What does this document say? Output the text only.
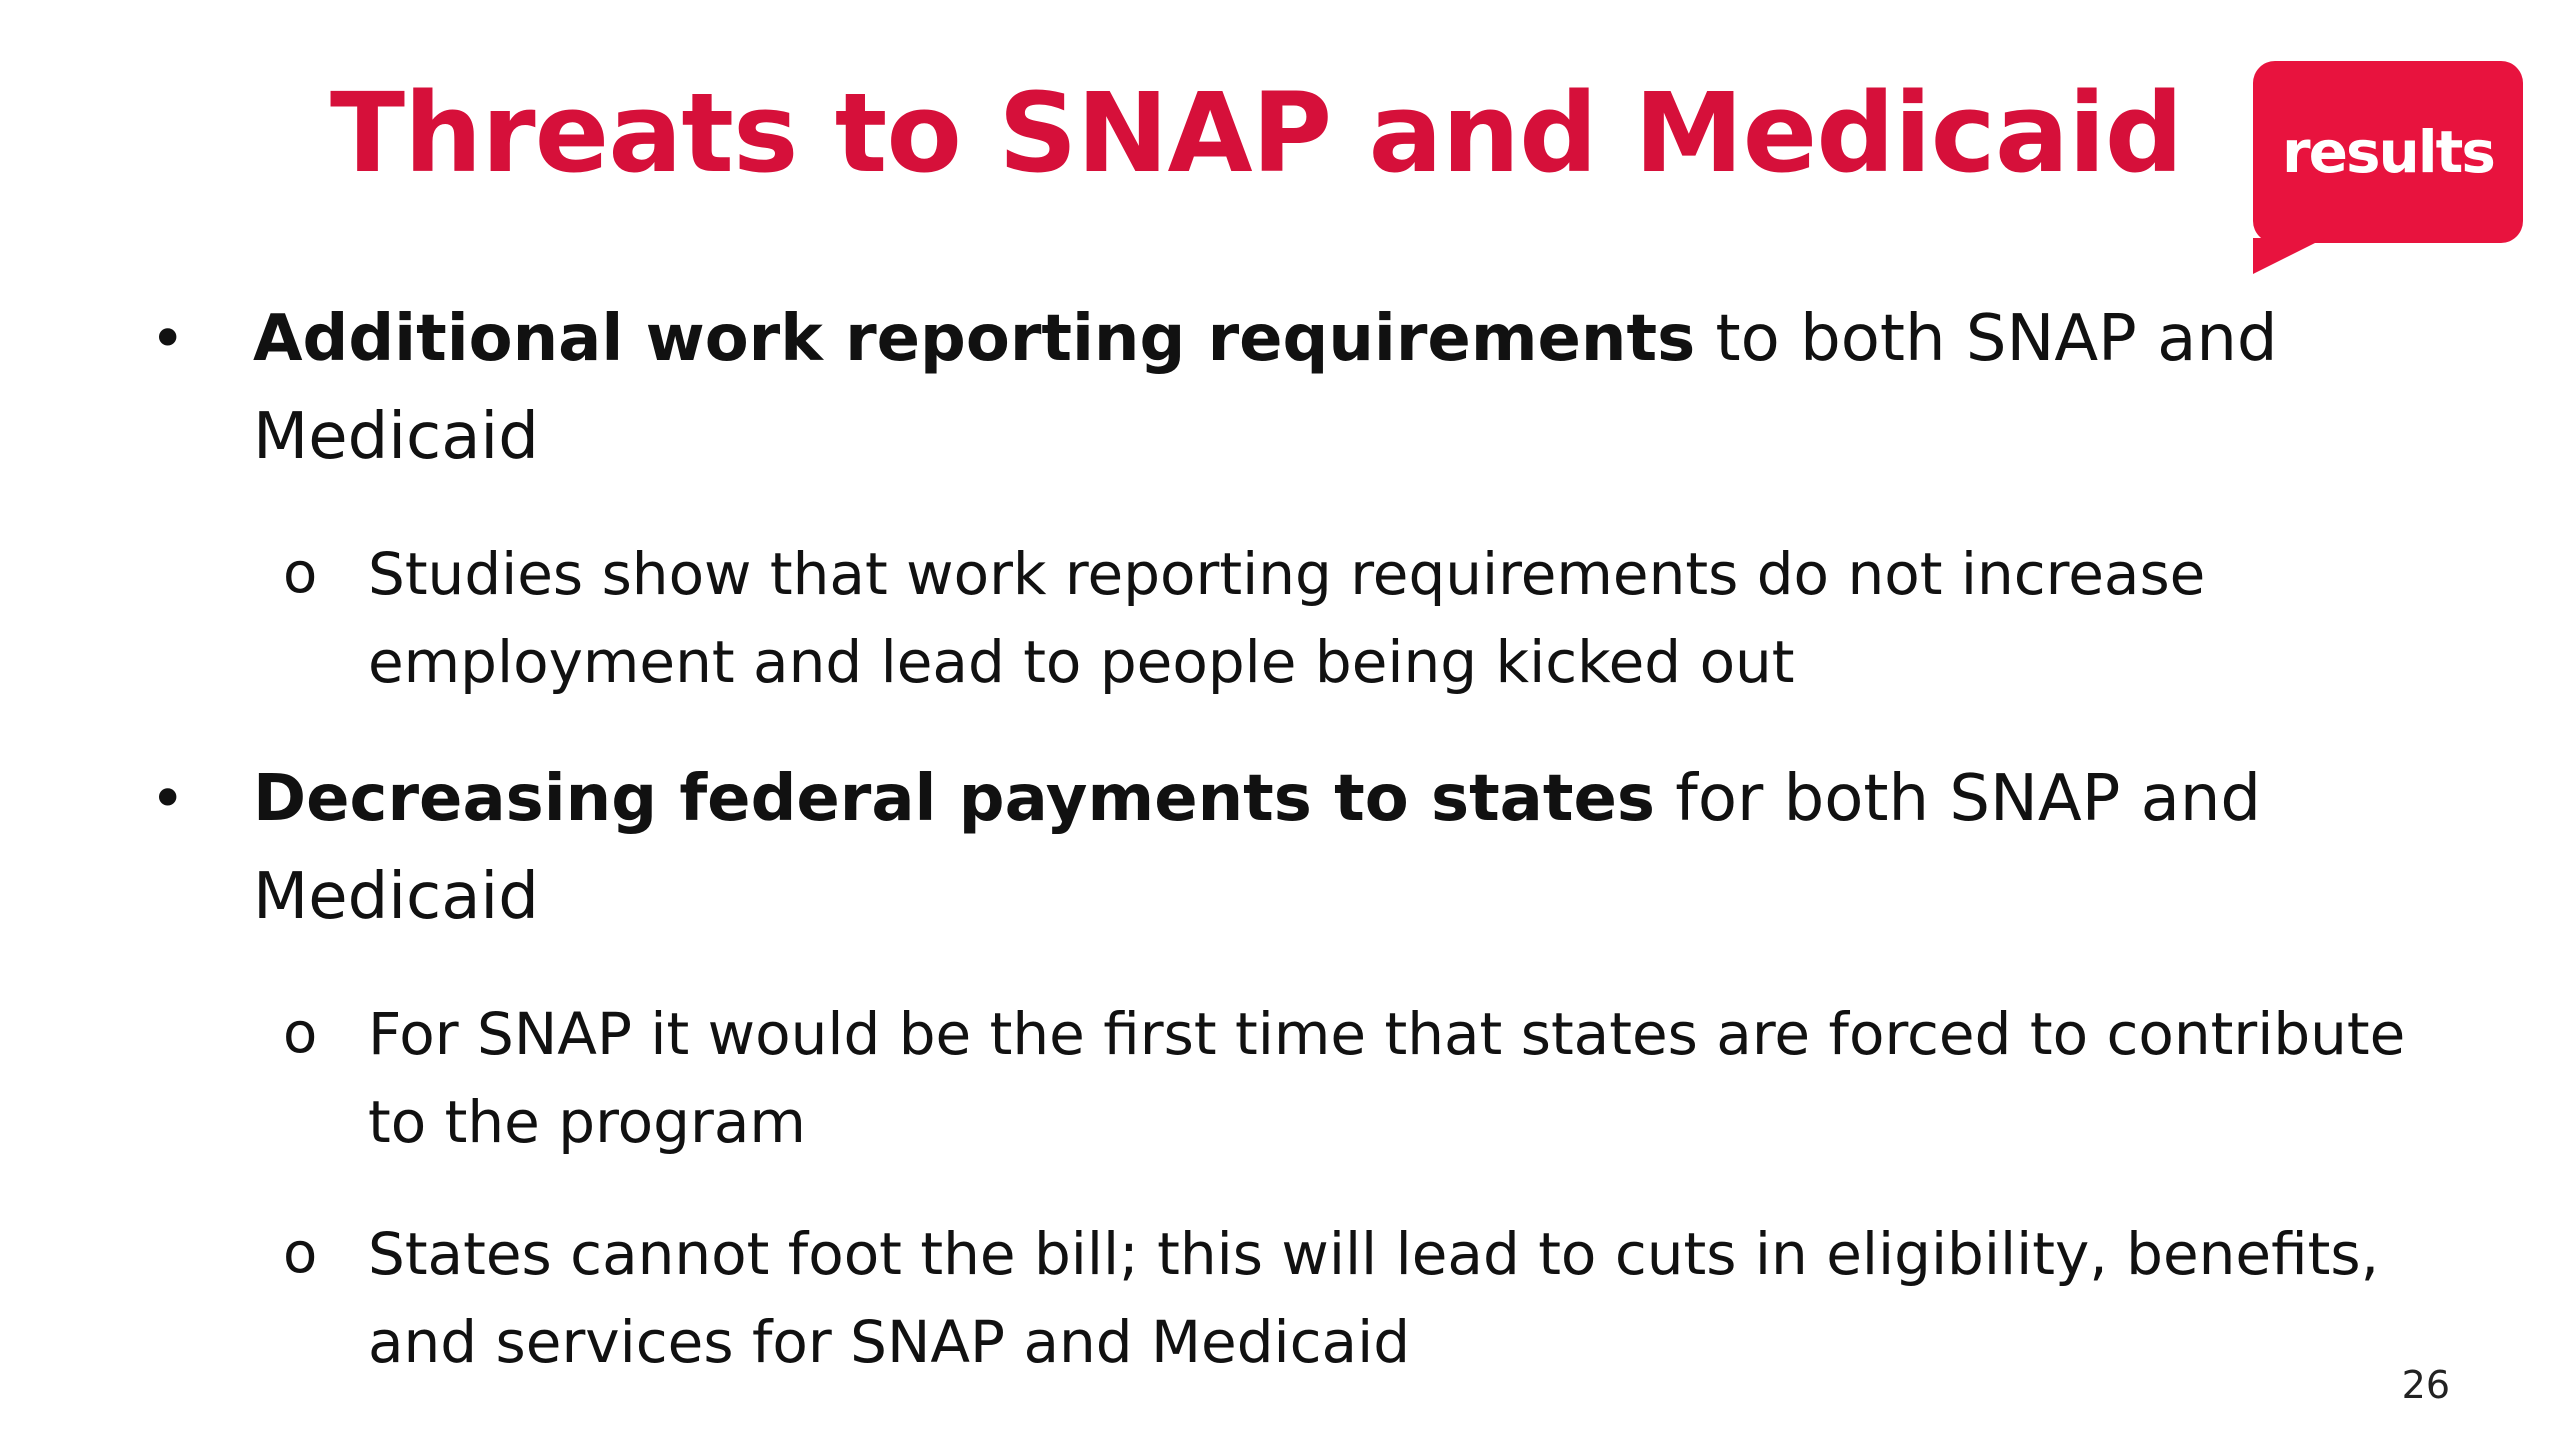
Threats to SNAP and Medicaid	results
•	Additional work reporting requirements to both SNAP and Medicaid
o Studies show that work reporting requirements do not increase employment and lead to people being kicked out
•	Decreasing federal payments to states for both SNAP and Medicaid
o For SNAP it would be the first time that states are forced to contribute to the program
o States cannot foot the bill; this will lead to cuts in eligibility, benefits, and services for SNAP and Medicaid
26
